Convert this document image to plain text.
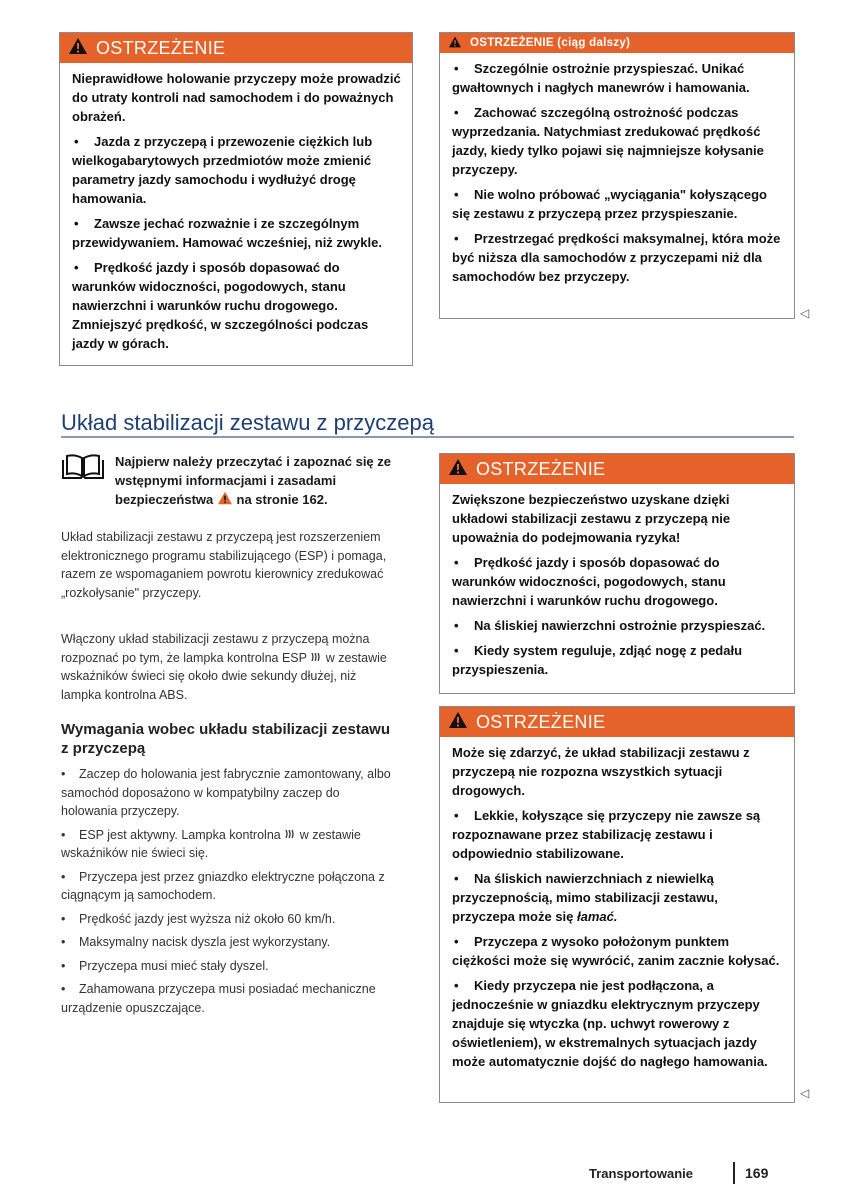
OSTRZEŻENIE

Nieprawidłowe holowanie przyczepy może prowadzić do utraty kontroli nad samochodem i do poważnych obrażeń.

• Jazda z przyczepą i przewozenie ciężkich lub wielkogabarytowych przedmiotów może zmienić parametry jazdy samochodu i wydłużyć drogę hamowania.

• Zawsze jechać rozważnie i ze szczególnym przewidywaniem. Hamować wcześniej, niż zwykle.

• Prędkość jazdy i sposób dopasować do warunków widoczności, pogodowych, stanu nawierzchni i warunków ruchu drogowego. Zmniejszyć prędkość, w szczególności podczas jazdy w górach.

OSTRZEŻENIE (ciąg dalszy)

• Szczególnie ostrożnie przyspieszać. Unikać gwałtownych i nagłych manewrów i hamowania.

• Zachować szczególną ostrożność podczas wyprzedzania. Natychmiast zredukować prędkość jazdy, kiedy tylko pojawi się najmniejsze kołysanie przyczepy.

• Nie wolno próbować „wyciągania" kołyszącego się zestawu z przyczepą przez przyspieszanie.

• Przestrzegać prędkości maksymalnej, która może być niższa dla samochodów z przyczepami niż dla samochodów bez przyczepy.

◁
Układ stabilizacji zestawu z przyczepą
Najpierw należy przeczytać i zapoznać się ze wstępnymi informacjami i zasadami bezpieczeństwa na stronie 162.
Układ stabilizacji zestawu z przyczepą jest rozszerzeniem elektronicznego programu stabilizującego (ESP) i pomaga, razem ze wspomaganiem powrotu kierownicy zredukować „rozkołysanie" przyczepy.
Włączony układ stabilizacji zestawu z przyczepą można rozpoznać po tym, że lampka kontrolna ESP w zestawie wskaźników świeci się około dwie sekundy dłużej, niż lampka kontrolna ABS.
Wymagania wobec układu stabilizacji zestawu z przyczepą
• Zaczep do holowania jest fabrycznie zamontowany, albo samochód doposażono w kompatybilny zaczep do holowania przyczepy.
• ESP jest aktywny. Lampka kontrolna w zestawie wskaźników nie świeci się.
• Przyczepa jest przez gniazdko elektryczne połączona z ciągnącym ją samochodem.
• Prędkość jazdy jest wyższa niż około 60 km/h.
• Maksymalny nacisk dyszla jest wykorzystany.
• Przyczepa musi mieć stały dyszel.
• Zahamowana przyczepa musi posiadać mechaniczne urządzenie opuszczające.
OSTRZEŻENIE

Zwiększone bezpieczeństwo uzyskane dzięki układowi stabilizacji zestawu z przyczepą nie upoważnia do podejmowania ryzyka!

• Prędkość jazdy i sposób dopasować do warunków widoczności, pogodowych, stanu nawierzchni i warunków ruchu drogowego.

• Na śliskiej nawierzchni ostrożnie przyspieszać.

• Kiedy system reguluje, zdjąć nogę z pedału przyspieszenia.

OSTRZEŻENIE

Może się zdarzyć, że układ stabilizacji zestawu z przyczepą nie rozpozna wszystkich sytuacji drogowych.

• Lekkie, kołyszące się przyczepy nie zawsze są rozpoznawane przez stabilizację zestawu i odpowiednio stabilizowane.

• Na śliskich nawierzchniach z niewielką przyczepnością, mimo stabilizacji zestawu, przyczepa może się łamać.

• Przyczepa z wysoko położonym punktem ciężkości może się wywrócić, zanim zacznie kołysać.

• Kiedy przyczepa nie jest podłączona, a jednocześnie w gniazdku elektrycznym przyczepy znajduje się wtyczka (np. uchwyt rowerowy z oświetleniem), w ekstremalnych sytuacjach jazdy może automatycznie dojść do nagłego hamowania.

◁
Transportowanie	169
